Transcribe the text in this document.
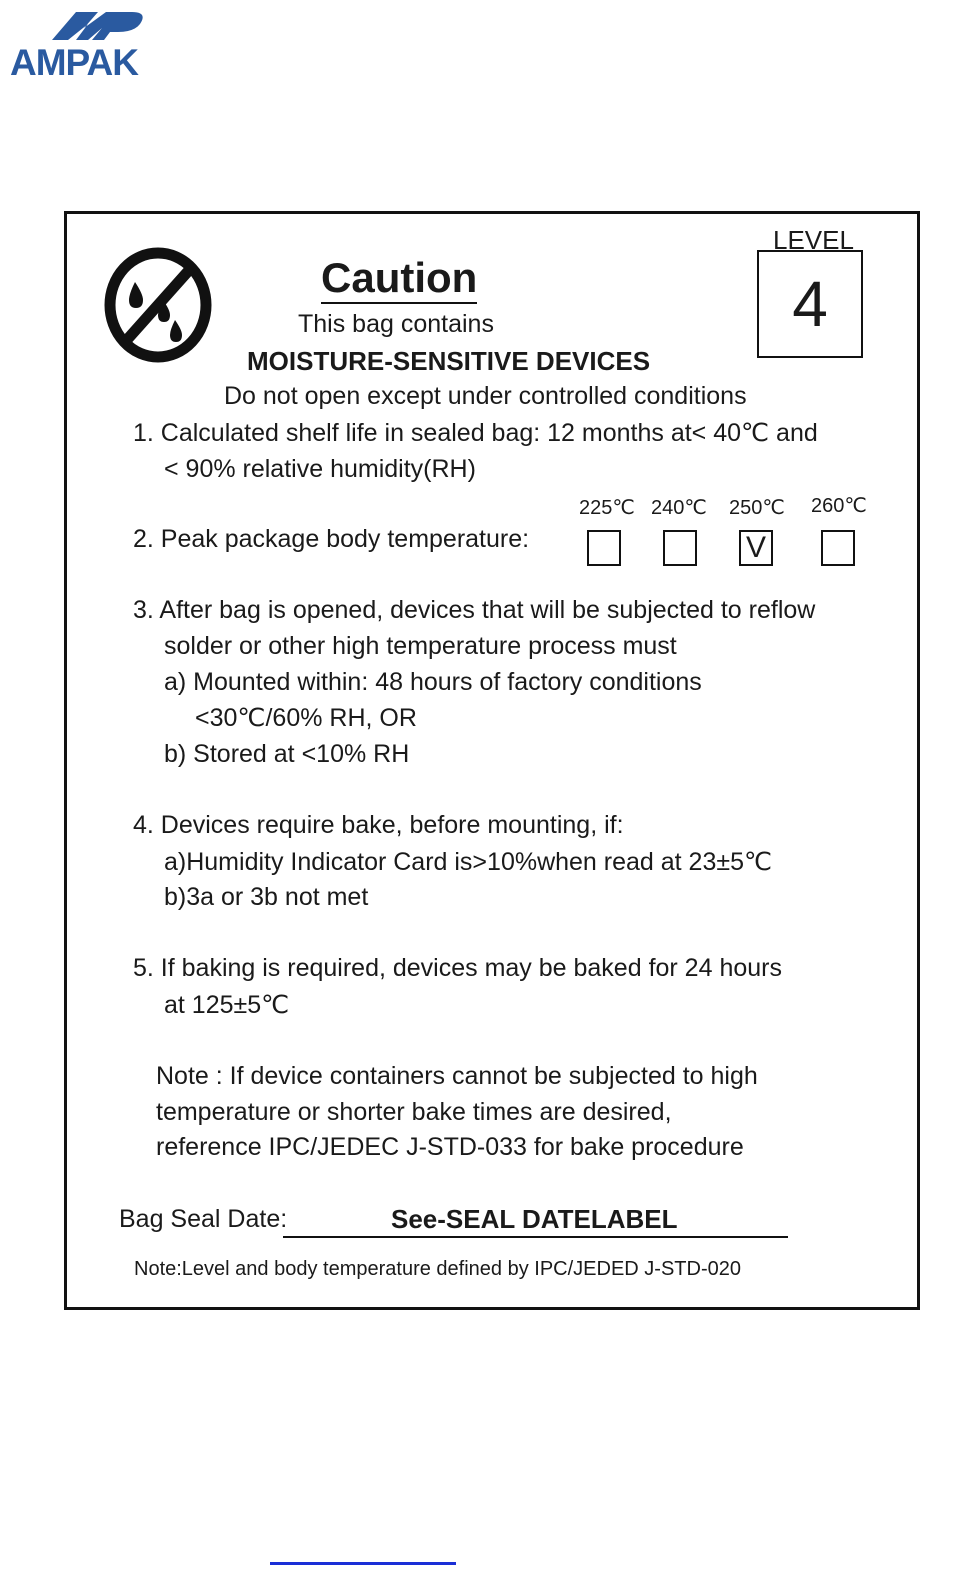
AMPAK
Caution
This bag contains
MOISTURE-SENSITIVE DEVICES
Do not open except under controlled conditions
LEVEL
4
1. Calculated shelf life in sealed bag: 12 months at< 40℃ and
< 90% relative humidity(RH)
225℃ 240℃ 250℃ 260℃
2. Peak package body temperature:	V
3. After bag is opened, devices that will be subjected to reflow
solder or other high temperature process must
a) Mounted within: 48 hours of factory conditions
<30℃/60% RH, OR
b) Stored at <10% RH
4. Devices require bake, before mounting, if:
a)Humidity Indicator Card is>10%when read at 23±5℃
b)3a or 3b not met
5. If baking is required, devices may be baked for 24 hours
at 125±5℃
Note : If device containers cannot be subjected to high
temperature or shorter bake times are desired,
reference IPC/JEDEC J-STD-033 for bake procedure
Bag Seal Date:	See-SEAL DATELABEL
Note:Level and body temperature defined by IPC/JEDED J-STD-020
